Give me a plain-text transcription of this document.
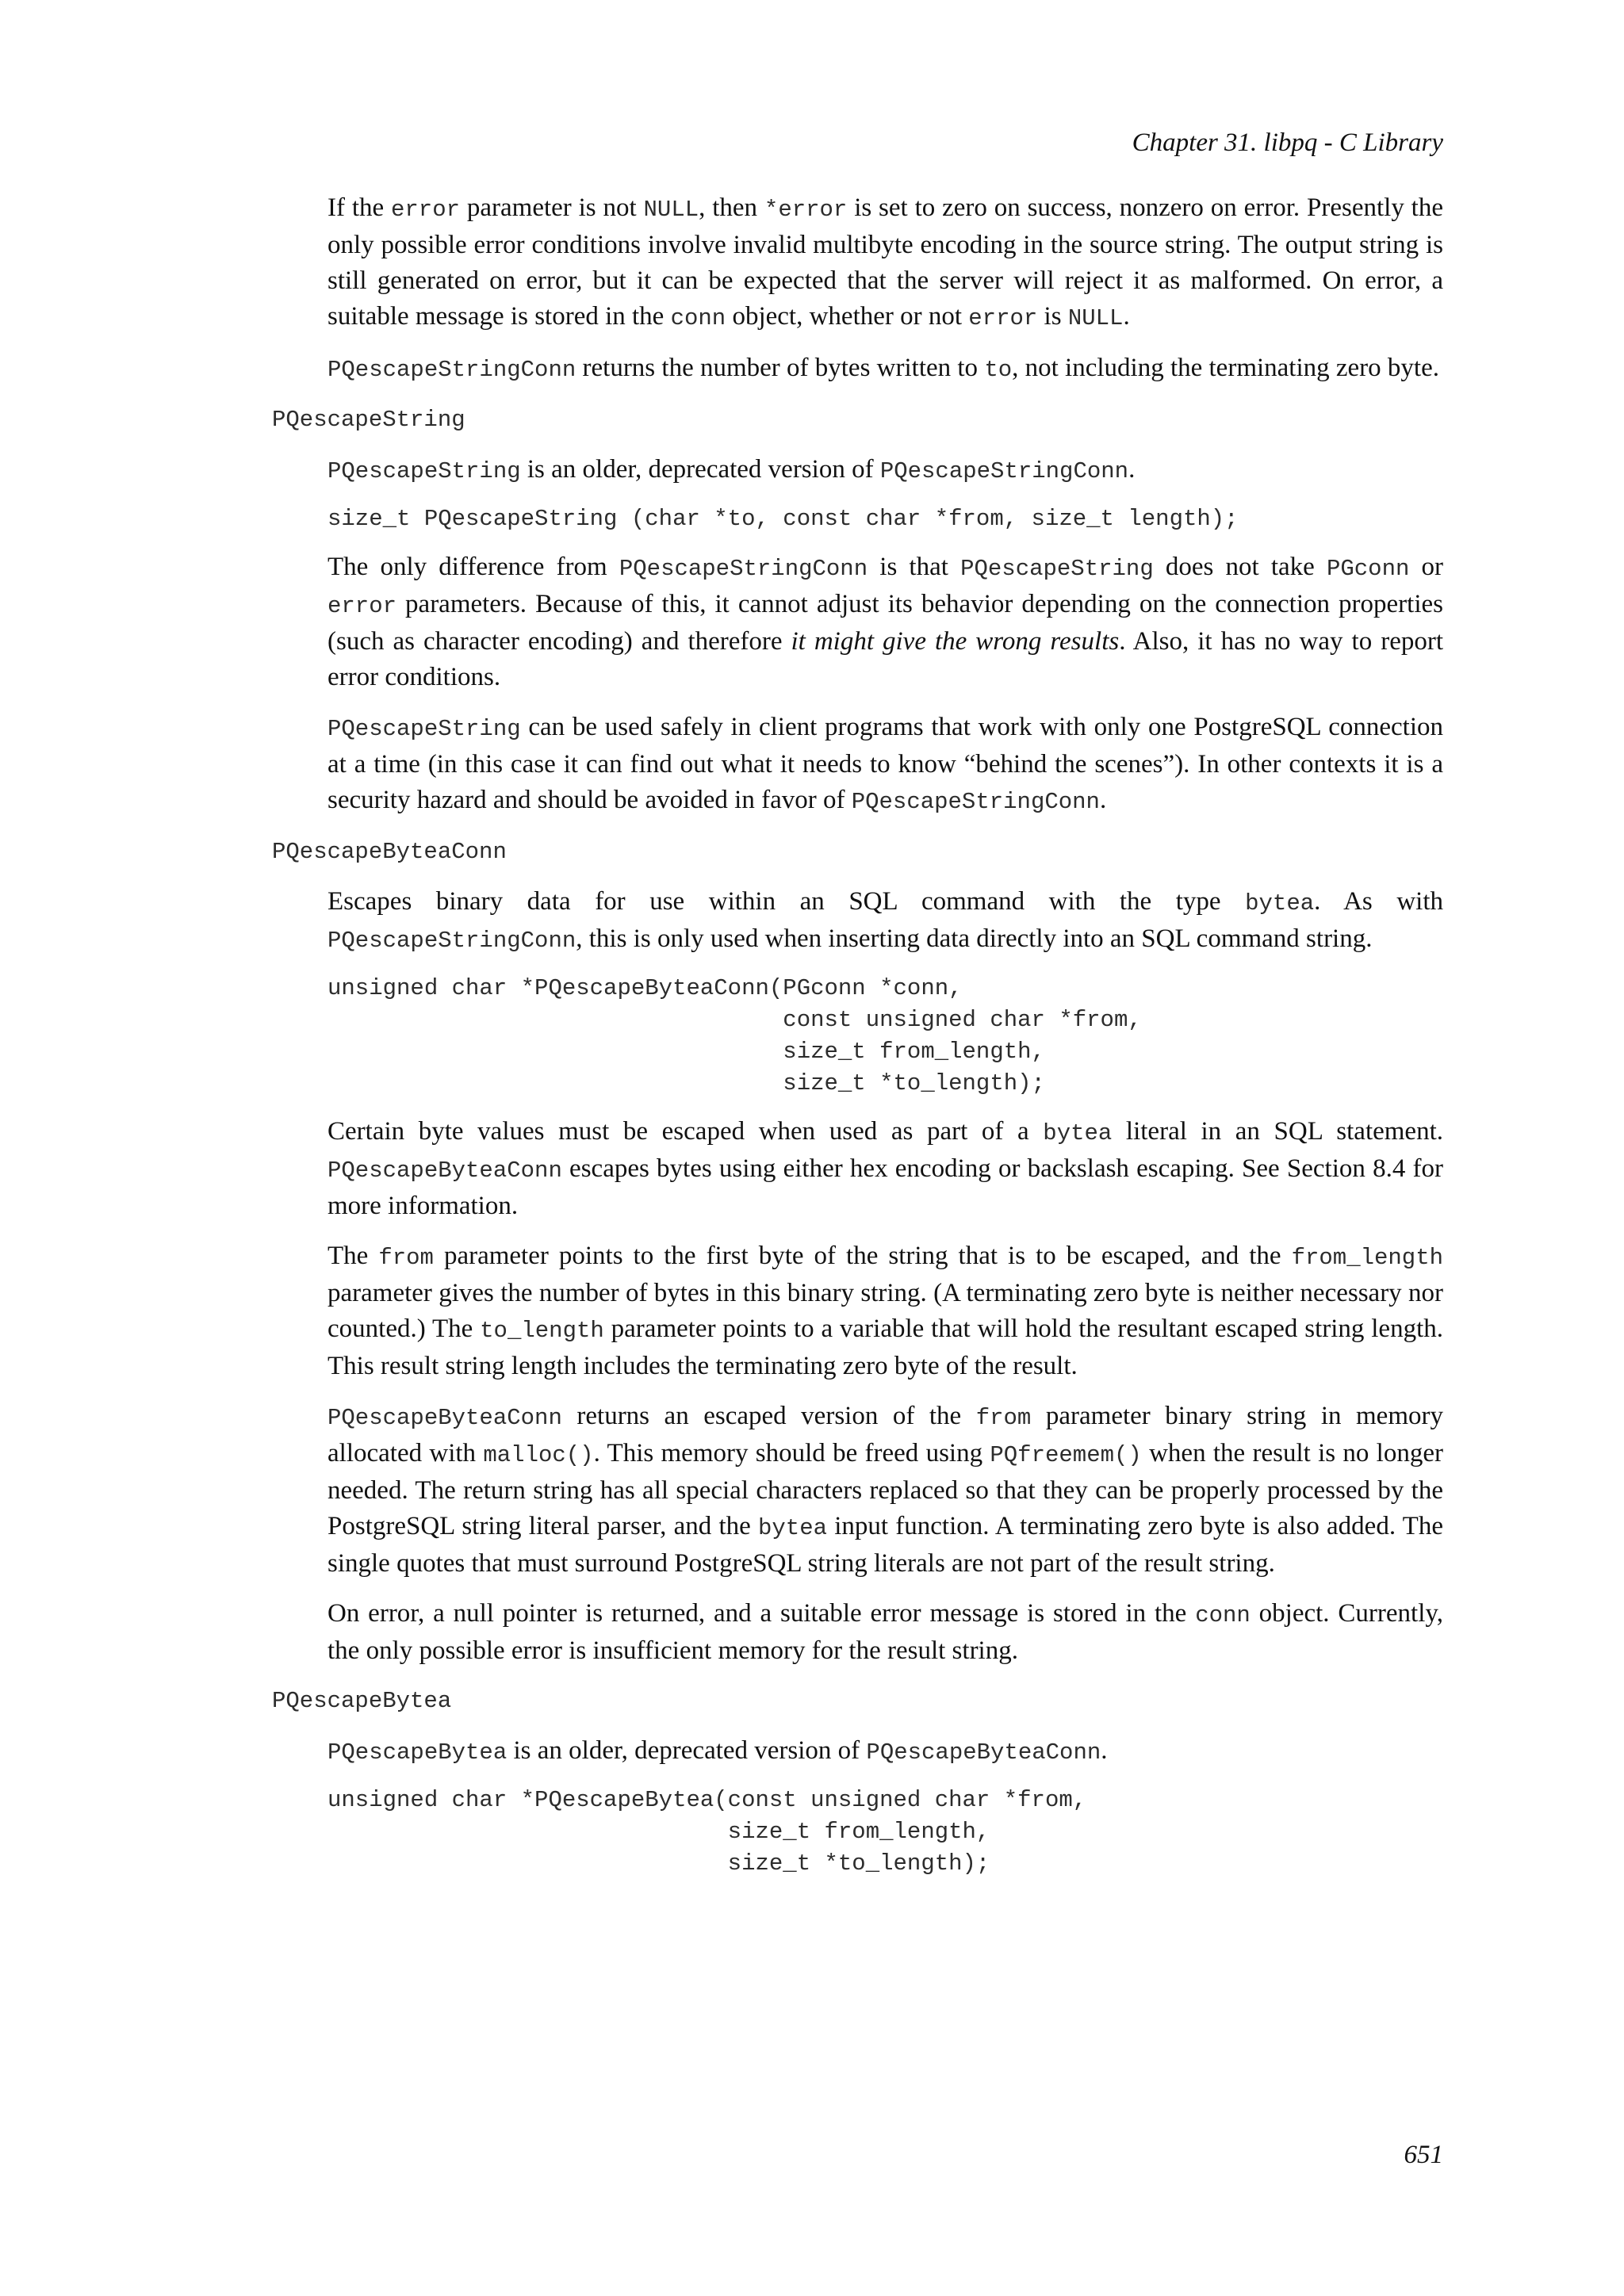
Chapter 31. libpq - C Library

If the error parameter is not NULL, then *error is set to zero on success, nonzero on error. Presently the only possible error conditions involve invalid multibyte encoding in the source string. The output string is still generated on error, but it can be expected that the server will reject it as malformed. On error, a suitable message is stored in the conn object, whether or not error is NULL.

PQescapeStringConn returns the number of bytes written to to, not including the terminating zero byte.

PQescapeString

PQescapeString is an older, deprecated version of PQescapeStringConn.

size_t PQescapeString (char *to, const char *from, size_t length);

The only difference from PQescapeStringConn is that PQescapeString does not take PGconn or error parameters. Because of this, it cannot adjust its behavior depending on the connection properties (such as character encoding) and therefore it might give the wrong results. Also, it has no way to report error conditions.

PQescapeString can be used safely in client programs that work with only one PostgreSQL connection at a time (in this case it can find out what it needs to know “behind the scenes”). In other contexts it is a security hazard and should be avoided in favor of PQescapeStringConn.

PQescapeByteaConn

Escapes binary data for use within an SQL command with the type bytea. As with PQescapeStringConn, this is only used when inserting data directly into an SQL command string.

unsigned char *PQescapeByteaConn(PGconn *conn,
const unsigned char *from,
size_t from_length,
size_t *to_length);

Certain byte values must be escaped when used as part of a bytea literal in an SQL statement. PQescapeByteaConn escapes bytes using either hex encoding or backslash escaping. See Section 8.4 for more information.

The from parameter points to the first byte of the string that is to be escaped, and the from_length parameter gives the number of bytes in this binary string. (A terminating zero byte is neither necessary nor counted.) The to_length parameter points to a variable that will hold the resultant escaped string length. This result string length includes the terminating zero byte of the result.

PQescapeByteaConn returns an escaped version of the from parameter binary string in memory allocated with malloc(). This memory should be freed using PQfreemem() when the result is no longer needed. The return string has all special characters replaced so that they can be properly processed by the PostgreSQL string literal parser, and the bytea input function. A terminating zero byte is also added. The single quotes that must surround PostgreSQL string literals are not part of the result string.

On error, a null pointer is returned, and a suitable error message is stored in the conn object. Currently, the only possible error is insufficient memory for the result string.

PQescapeBytea

PQescapeBytea is an older, deprecated version of PQescapeByteaConn.

unsigned char *PQescapeBytea(const unsigned char *from,
size_t from_length,
size_t *to_length);
651
